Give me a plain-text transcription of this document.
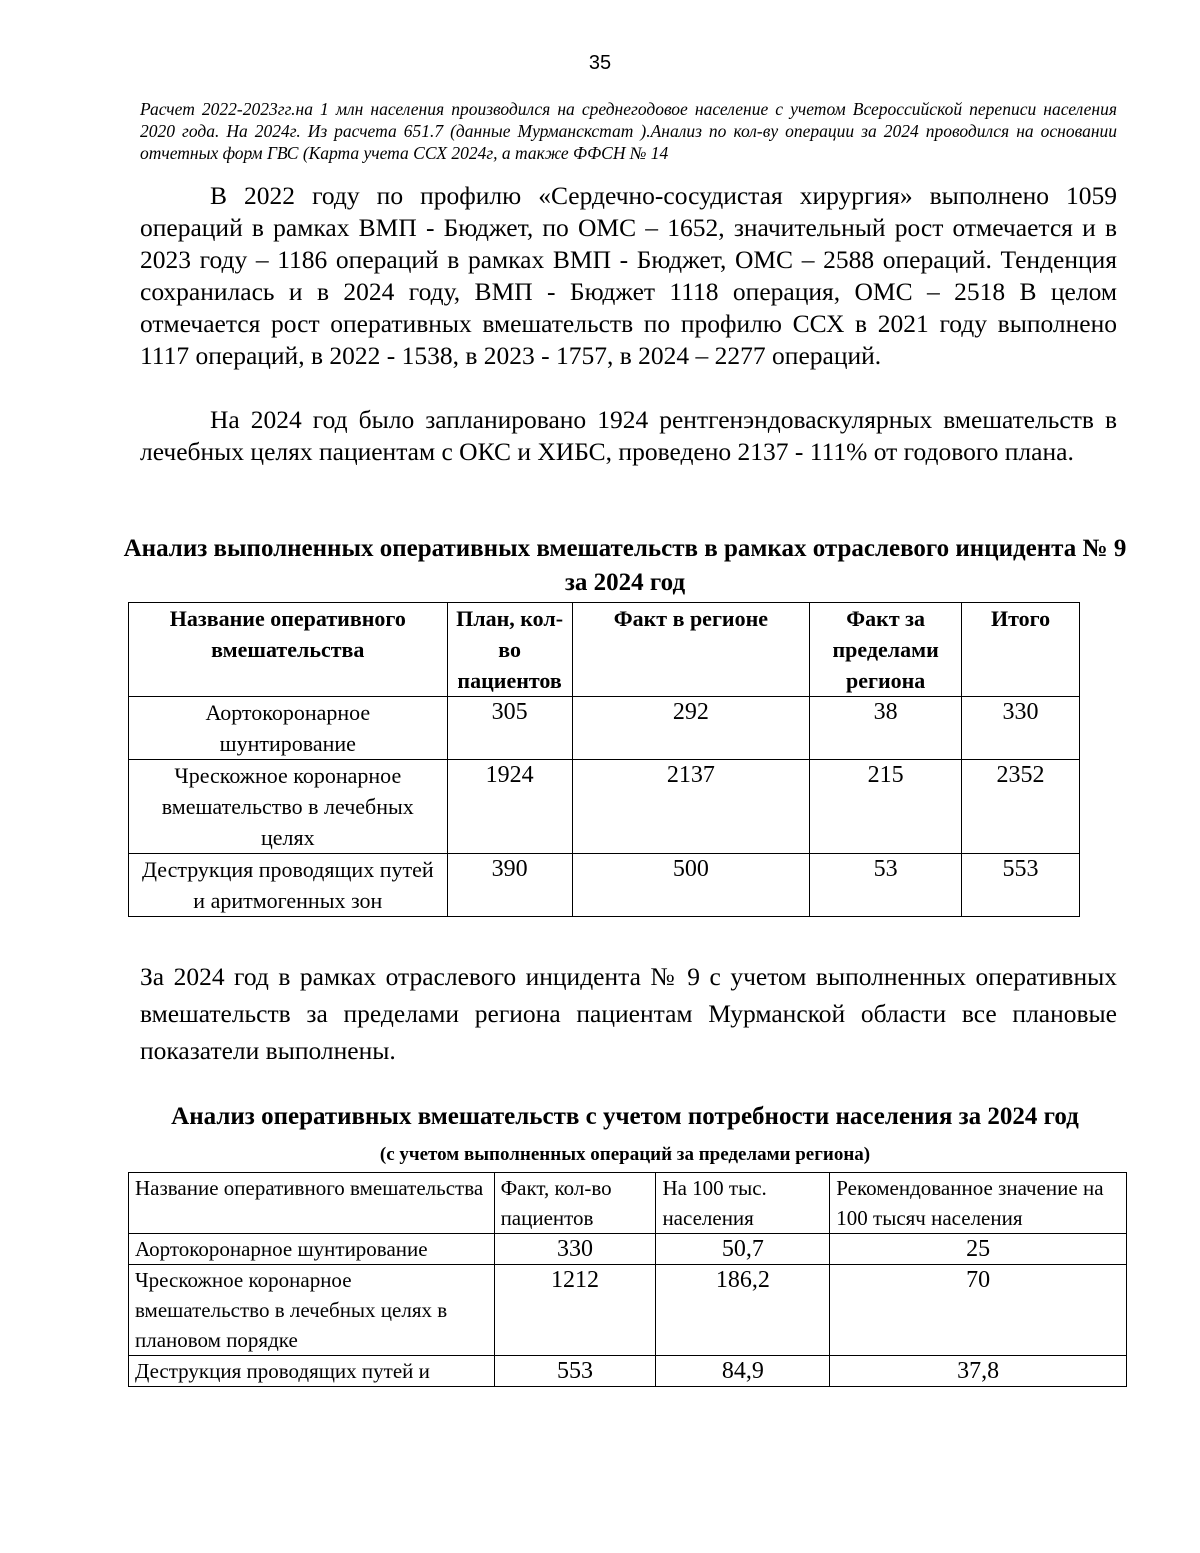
35
Расчет 2022-2023гг.на 1 млн населения производился на среднегодовое население с учетом Всероссийской переписи населения 2020 года. На 2024г. Из расчета 651.7 (данные Мурманскстат ).Анализ по кол-ву операции за 2024 проводился на основании отчетных форм ГВС (Карта учета ССХ 2024г, а также ФФСН № 14
В 2022 году по профилю «Сердечно-сосудистая хирургия» выполнено 1059 операций в рамках ВМП - Бюджет, по ОМС – 1652, значительный рост отмечается и в 2023 году – 1186 операций в рамках ВМП - Бюджет, ОМС – 2588 операций. Тенденция сохранилась и в 2024 году, ВМП - Бюджет 1118 операция, ОМС – 2518 В целом отмечается рост оперативных вмешательств по профилю ССХ в 2021 году выполнено 1117 операций, в 2022 - 1538, в 2023 - 1757, в 2024 – 2277 операций.
На 2024 год было запланировано 1924 рентгенэндоваскулярных вмешательств в лечебных целях пациентам с ОКС и ХИБС, проведено 2137 - 111% от годового плана.
Анализ выполненных оперативных вмешательств в рамках отраслевого инцидента № 9 за 2024 год
Название оперативного вмешательства	План, кол-во пациентов	Факт в регионе	Факт за пределами региона	Итого
Аортокоронарное шунтирование	305	292	38	330
Чрескожное коронарное вмешательство в лечебных целях	1924	2137	215	2352
Деструкция проводящих путей и аритмогенных зон	390	500	53	553
За 2024 год в рамках отраслевого инцидента № 9 с учетом выполненных оперативных вмешательств за пределами региона пациентам Мурманской области все плановые показатели выполнены.
Анализ оперативных вмешательств с учетом потребности населения за 2024 год
(с учетом выполненных операций за пределами региона)
Название оперативного вмешательства	Факт, кол-во пациентов	На 100 тыс. населения	Рекомендованное значение на 100 тысяч населения
Аортокоронарное шунтирование	330	50,7	25
Чрескожное коронарное вмешательство в лечебных целях в плановом порядке	1212	186,2	70
Деструкция проводящих путей и	553	84,9	37,8
